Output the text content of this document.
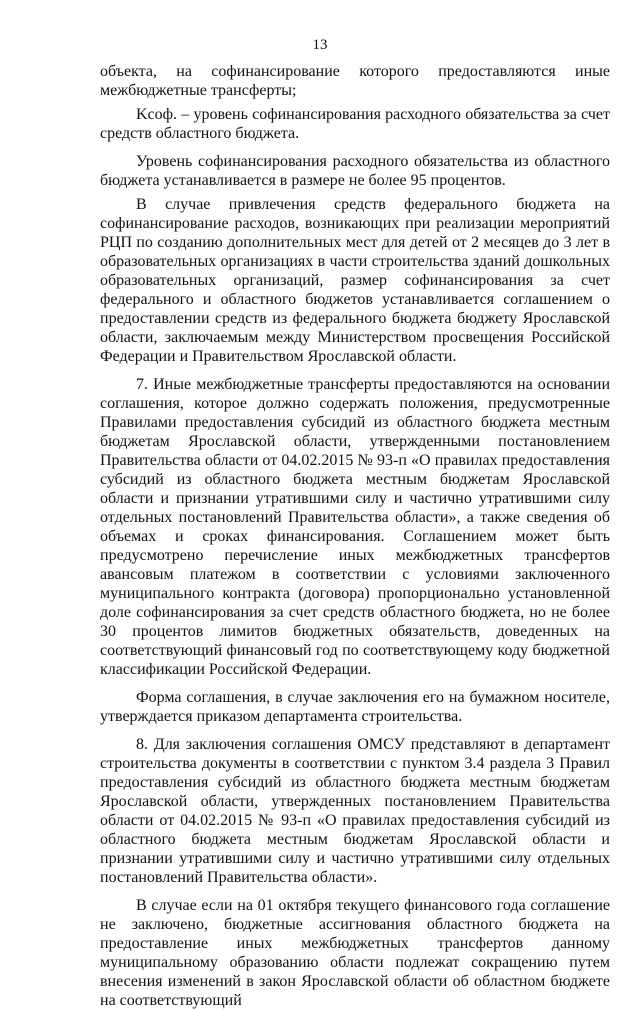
13

объекта, на софинансирование которого предоставляются иные межбюджетные трансферты;

Kсоф. – уровень софинансирования расходного обязательства за счет средств областного бюджета.

Уровень софинансирования расходного обязательства из областного бюджета устанавливается в размере не более 95 процентов.

В случае привлечения средств федерального бюджета на софинансирование расходов, возникающих при реализации мероприятий РЦП по созданию дополнительных мест для детей от 2 месяцев до 3 лет в образовательных организациях в части строительства зданий дошкольных образовательных организаций, размер софинансирования за счет федерального и областного бюджетов устанавливается соглашением о предоставлении средств из федерального бюджета бюджету Ярославской области, заключаемым между Министерством просвещения Российской Федерации и Правительством Ярославской области.

7. Иные межбюджетные трансферты предоставляются на основании соглашения, которое должно содержать положения, предусмотренные Правилами предоставления субсидий из областного бюджета местным бюджетам Ярославской области, утвержденными постановлением Правительства области от 04.02.2015 № 93-п «О правилах предоставления субсидий из областного бюджета местным бюджетам Ярославской области и признании утратившими силу и частично утратившими силу отдельных постановлений Правительства области», а также сведения об объемах и сроках финансирования. Соглашением может быть предусмотрено перечисление иных межбюджетных трансфертов авансовым платежом в соответствии с условиями заключенного муниципального контракта (договора) пропорционально установленной доле софинансирования за счет средств областного бюджета, но не более 30 процентов лимитов бюджетных обязательств, доведенных на соответствующий финансовый год по соответствующему коду бюджетной классификации Российской Федерации.

Форма соглашения, в случае заключения его на бумажном носителе, утверждается приказом департамента строительства.

8. Для заключения соглашения ОМСУ представляют в департамент строительства документы в соответствии с пунктом 3.4 раздела 3 Правил предоставления субсидий из областного бюджета местным бюджетам Ярославской области, утвержденных постановлением Правительства области от 04.02.2015 № 93-п «О правилах предоставления субсидий из областного бюджета местным бюджетам Ярославской области и признании утратившими силу и частично утратившими силу отдельных постановлений Правительства области».

В случае если на 01 октября текущего финансового года соглашение не заключено, бюджетные ассигнования областного бюджета на предоставление иных межбюджетных трансфертов данному муниципальному образованию области подлежат сокращению путем внесения изменений в закон Ярославской области об областном бюджете на соответствующий
